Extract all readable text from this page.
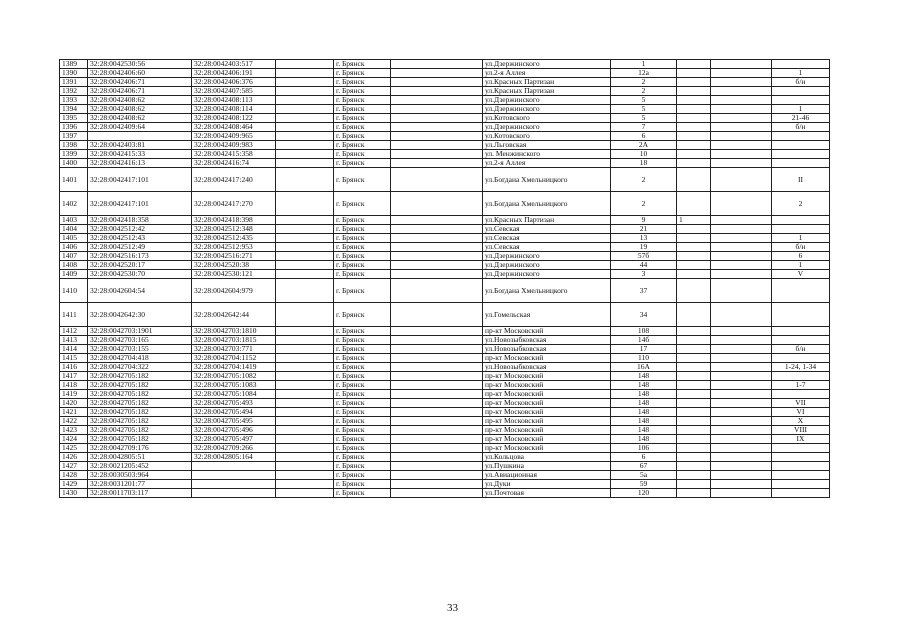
1389	32:28:0042530:56	32:28:0042403:517		г. Брянск		ул.Дзержинского	1			
1390	32:28:0042406:60	32:28:0042406:191		г. Брянск		ул.2-я Аллея	12а			1
1391	32:28:0042406:71	32:28:0042406:376		г. Брянск		ул.Красных Партизан	2			б/н
1392	32:28:0042406:71	32:28:0042407:585		г. Брянск		ул.Красных Партизан	2			
1393	32:28:0042408:62	32:28:0042408:113		г. Брянск		ул.Дзержинского	5			
1394	32:28:0042408:62	32:28:0042408:114		г. Брянск		ул.Дзержинского	5			1
1395	32:28:0042408:62	32:28:0042408:122		г. Брянск		ул.Котовского	5			21-46
1396	32:28:0042409:64	32:28:0042408:464		г. Брянск		ул.Дзержинского	7			б/н
1397		32:28:0042409:965		г. Брянск		ул.Котовского	6			
1398	32:28:0042403:81	32:28:0042409:983		г. Брянск		ул.Льговская	2А			
1399	32:28:0042415:33	32:28:0042415:358		г. Брянск		ул. Менжинского	10			
1400	32:28:0042416:13	32:28:0042416:74		г. Брянск		ул.2-я Аллея	18			
1401	32:28:0042417:101	32:28:0042417:240		г. Брянск		ул.Богдана Хмельницкого	2			II
1402	32:28:0042417:101	32:28:0042417:270		г. Брянск		ул.Богдана Хмельницкого	2			2
1403	32:28:0042418:358	32:28:0042418:398		г. Брянск		ул.Красных Партизан	9	1		
1404	32:28:0042512:42	32:28:0042512:348		г. Брянск		ул.Севская	21			
1405	32:28:0042512:43	32:28:0042512:435		г. Брянск		ул.Севская	13			1
1406	32:28:0042512:49	32:28:0042512:953		г. Брянск		ул.Севская	19			б/н
1407	32:28:0042516:173	32:28:0042516:271		г. Брянск		ул.Дзержинского	57б			6
1408	32:28:0042520:17	32:28:0042520:38		г. Брянск		ул.Дзержинского	44			1
1409	32:28:0042530:70	32:28:0042530:121		г. Брянск		ул.Дзержинского	3			V
1410	32:28:0042604:54	32:28:0042604:979		г. Брянск		ул.Богдана Хмельницкого	37			
1411	32:28:0042642:30	32:28:0042642:44		г. Брянск		ул.Гомельская	34			
1412	32:28:0042703:1901	32:28:0042703:1810		г. Брянск		пр-кт Московский	108			
1413	32:28:0042703:165	32:28:0042703:1815		г. Брянск		ул.Новозыбковская	14б			
1414	32:28:0042703:155	32:28:0042703:771		г. Брянск		ул.Новозыбковская	17			б/н
1415	32:28:0042704:418	32:28:0042704:1152		г. Брянск		пр-кт Московский	110			
1416	32:28:0042704:322	32:28:0042704:1419		г. Брянск		ул.Новозыбковская	16А			1-24, 1-34
1417	32:28:0042705:182	32:28:0042705:1082		г. Брянск		пр-кт Московский	148			
1418	32:28:0042705:182	32:28:0042705:1083		г. Брянск		пр-кт Московский	148			1-7
1419	32:28:0042705:182	32:28:0042705:1084		г. Брянск		пр-кт Московский	148			
1420	32:28:0042705:182	32:28:0042705:493		г. Брянск		пр-кт Московский	148			VII
1421	32:28:0042705:182	32:28:0042705:494		г. Брянск		пр-кт Московский	148			VI
1422	32:28:0042705:182	32:28:0042705:495		г. Брянск		пр-кт Московский	148			X
1423	32:28:0042705:182	32:28:0042705:496		г. Брянск		пр-кт Московский	148			VIII
1424	32:28:0042705:182	32:28:0042705:497		г. Брянск		пр-кт Московский	148			IX
1425	32:28:0042709:176	32:28:0042709:266		г. Брянск		пр-кт Московский	106			
1426	32:28:0042805:51	32:28:0042805:164		г. Брянск		ул.Кольцова	6			
1427	32:28:0021205:452			г. Брянск		ул.Пушкина	67			
1428	32:28:0030503:964			г. Брянск		ул.Авиационная	5а			
1429	32:28:0031201:77			г. Брянск		ул.Дуки	59			
1430	32:28:0011703:117			г. Брянск		ул.Почтовая	120			
33
